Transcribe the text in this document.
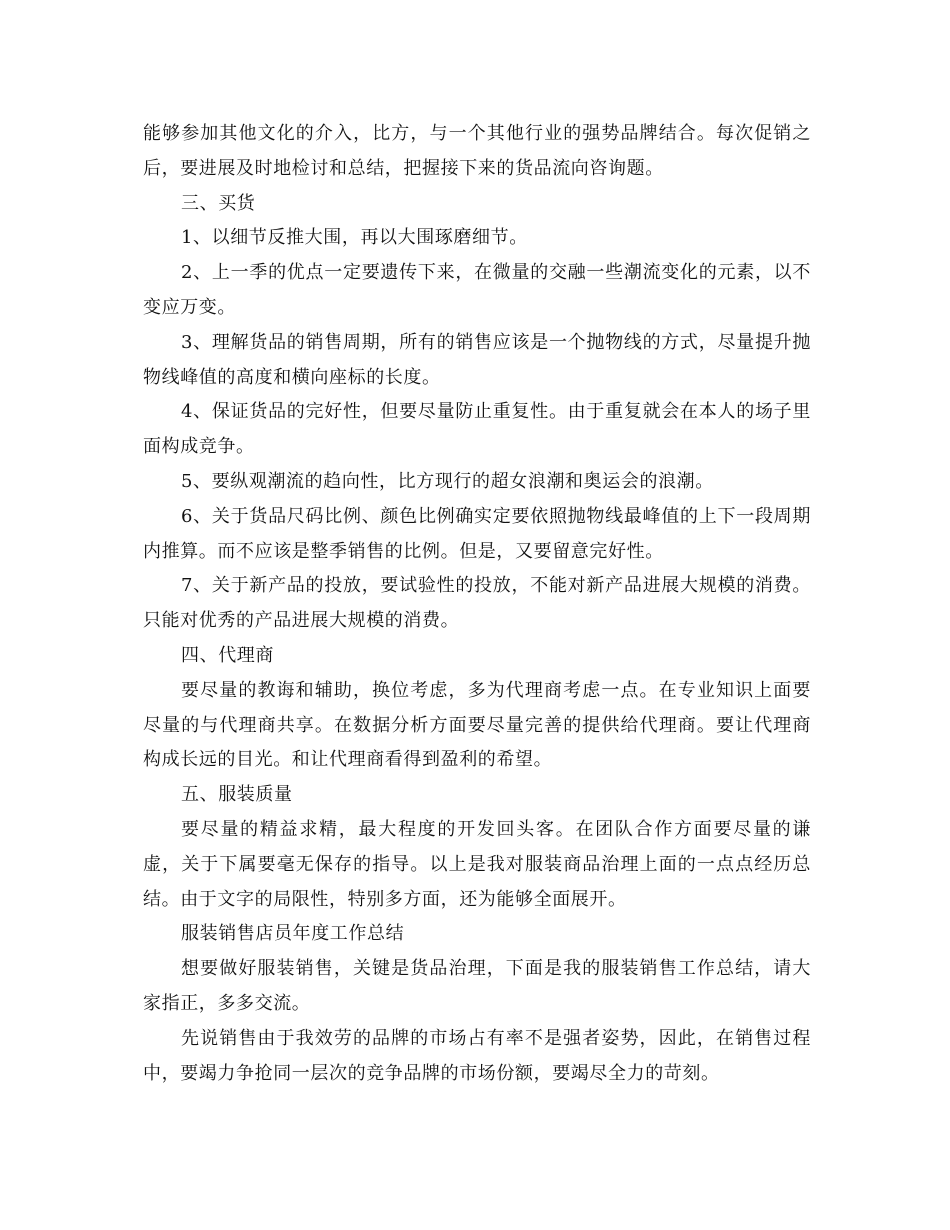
能够参加其他文化的介入，比方，与一个其他行业的强势品牌结合。每次促销之后，要进展及时地检讨和总结，把握接下来的货品流向咨询题。

三、买货

1、以细节反推大围，再以大围琢磨细节。

2、上一季的优点一定要遗传下来，在微量的交融一些潮流变化的元素，以不变应万变。

3、理解货品的销售周期，所有的销售应该是一个抛物线的方式，尽量提升抛物线峰值的高度和横向座标的长度。

4、保证货品的完好性，但要尽量防止重复性。由于重复就会在本人的场子里面构成竞争。

5、要纵观潮流的趋向性，比方现行的超女浪潮和奥运会的浪潮。

6、关于货品尺码比例、颜色比例确实定要依照抛物线最峰值的上下一段周期内推算。而不应该是整季销售的比例。但是，又要留意完好性。

7、关于新产品的投放，要试验性的投放，不能对新产品进展大规模的消费。只能对优秀的产品进展大规模的消费。

四、代理商

要尽量的教诲和辅助，换位考虑，多为代理商考虑一点。在专业知识上面要尽量的与代理商共享。在数据分析方面要尽量完善的提供给代理商。要让代理商构成长远的目光。和让代理商看得到盈利的希望。

五、服装质量

要尽量的精益求精，最大程度的开发回头客。在团队合作方面要尽量的谦虚，关于下属要毫无保存的指导。以上是我对服装商品治理上面的一点点经历总结。由于文字的局限性，特别多方面，还为能够全面展开。

服装销售店员年度工作总结

想要做好服装销售，关键是货品治理，下面是我的服装销售工作总结，请大家指正，多多交流。

先说销售由于我效劳的品牌的市场占有率不是强者姿势，因此，在销售过程中，要竭力争抢同一层次的竞争品牌的市场份额，要竭尽全力的苛刻。
